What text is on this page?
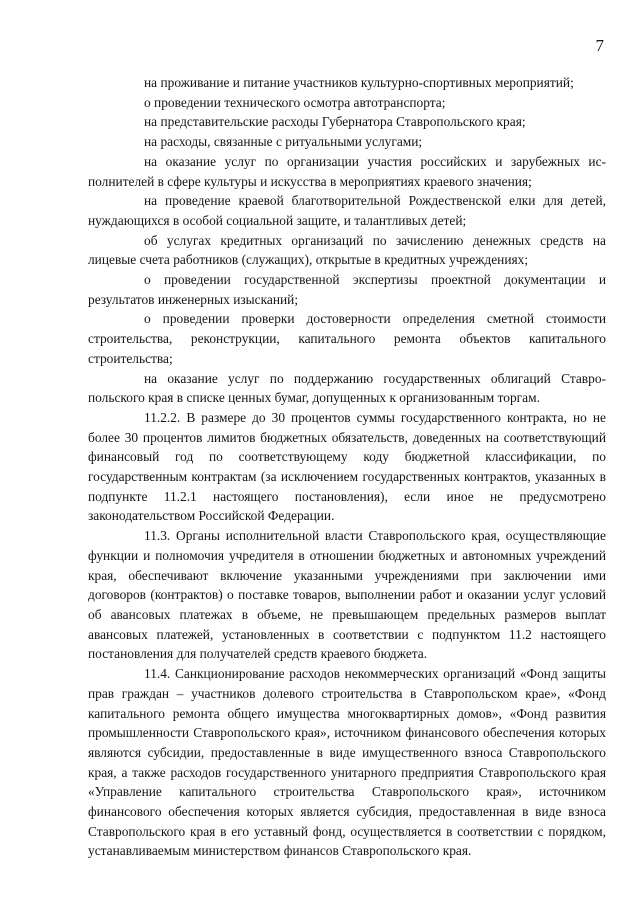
7

на проживание и питание участников культурно-спортивных мероприятий;

о проведении технического осмотра автотранспорта;

на представительские расходы Губернатора Ставропольского края;

на расходы, связанные с ритуальными услугами;

на оказание услуг по организации участия российских и зарубежных исполнителей в сфере культуры и искусства в мероприятиях краевого значения;

на проведение краевой благотворительной Рождественской елки для детей, нуждающихся в особой социальной защите, и талантливых детей;

об услугах кредитных организаций по зачислению денежных средств на лицевые счета работников (служащих), открытые в кредитных учреждениях;

о проведении государственной экспертизы проектной документации и результатов инженерных изысканий;

о проведении проверки достоверности определения сметной стоимости строительства, реконструкции, капитального ремонта объектов капитального строительства;

на оказание услуг по поддержанию государственных облигаций Ставропольского края в списке ценных бумаг, допущенных к организованным торгам.

11.2.2. В размере до 30 процентов суммы государственного контракта, но не более 30 процентов лимитов бюджетных обязательств, доведенных на соответствующий финансовый год по соответствующему коду бюджетной классификации, по государственным контрактам (за исключением государственных контрактов, указанных в подпункте 11.2.1 настоящего постановления), если иное не предусмотрено законодательством Российской Федерации.

11.3. Органы исполнительной власти Ставропольского края, осуществляющие функции и полномочия учредителя в отношении бюджетных и автономных учреждений края, обеспечивают включение указанными учреждениями при заключении ими договоров (контрактов) о поставке товаров, выполнении работ и оказании услуг условий об авансовых платежах в объеме, не превышающем предельных размеров выплат авансовых платежей, установленных в соответствии с подпунктом 11.2 настоящего постановления для получателей средств краевого бюджета.

11.4. Санкционирование расходов некоммерческих организаций «Фонд защиты прав граждан – участников долевого строительства в Ставропольском крае», «Фонд капитального ремонта общего имущества многоквартирных домов», «Фонд развития промышленности Ставропольского края», источником финансового обеспечения которых являются субсидии, предоставленные в виде имущественного взноса Ставропольского края, а также расходов государственного унитарного предприятия Ставропольского края «Управление капитального строительства Ставропольского края», источником финансового обеспечения которых является субсидия, предоставленная в виде взноса Ставропольского края в его уставный фонд, осуществляется в соответствии с порядком, устанавливаемым министерством финансов Ставропольского края.
